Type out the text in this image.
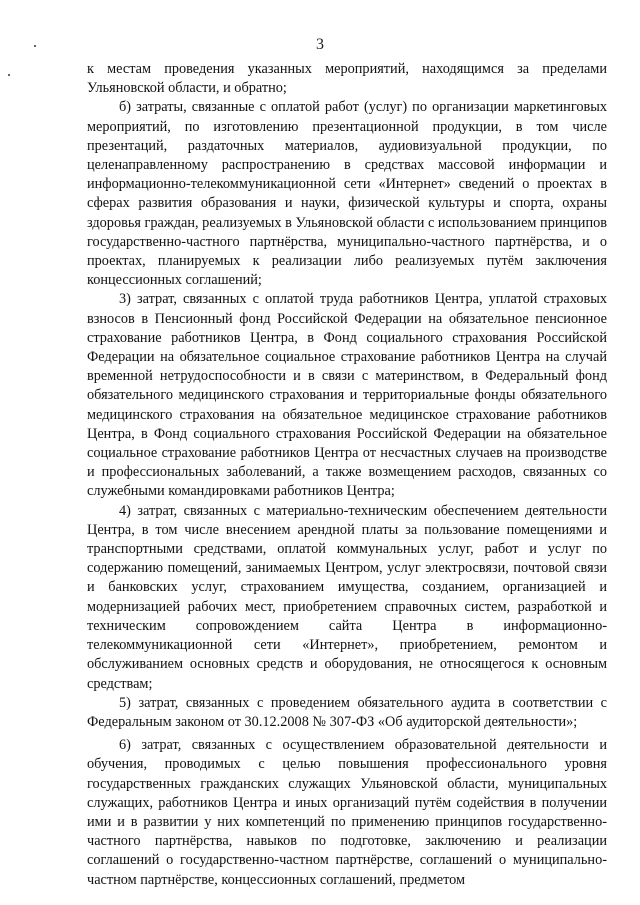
3

к местам проведения указанных мероприятий, находящимся за пределами Ульяновской области, и обратно;

б) затраты, связанные с оплатой работ (услуг) по организации маркетинговых мероприятий, по изготовлению презентационной продукции, в том числе презентаций, раздаточных материалов, аудиовизуальной продукции, по целенаправленному распространению в средствах массовой информации и информационно-телекоммуникационной сети «Интернет» сведений о проектах в сферах развития образования и науки, физической культуры и спорта, охраны здоровья граждан, реализуемых в Ульяновской области с использованием принципов государственно-частного партнёрства, муниципально-частного партнёрства, и о проектах, планируемых к реализации либо реализуемых путём заключения концессионных соглашений;

3) затрат, связанных с оплатой труда работников Центра, уплатой страховых взносов в Пенсионный фонд Российской Федерации на обязательное пенсионное страхование работников Центра, в Фонд социального страхования Российской Федерации на обязательное социальное страхование работников Центра на случай временной нетрудоспособности и в связи с материнством, в Федеральный фонд обязательного медицинского страхования и территориальные фонды обязательного медицинского страхования на обязательное медицинское страхование работников Центра, в Фонд социального страхования Российской Федерации на обязательное социальное страхование работников Центра от несчастных случаев на производстве и профессиональных заболеваний, а также возмещением расходов, связанных со служебными командировками работников Центра;

4) затрат, связанных с материально-техническим обеспечением деятельности Центра, в том числе внесением арендной платы за пользование помещениями и транспортными средствами, оплатой коммунальных услуг, работ и услуг по содержанию помещений, занимаемых Центром, услуг электросвязи, почтовой связи и банковских услуг, страхованием имущества, созданием, организацией и модернизацией рабочих мест, приобретением справочных систем, разработкой и техническим сопровождением сайта Центра в информационно-телекоммуникационной сети «Интернет», приобретением, ремонтом и обслуживанием основных средств и оборудования, не относящегося к основным средствам;

5) затрат, связанных с проведением обязательного аудита в соответствии с Федеральным законом от 30.12.2008 № 307-ФЗ «Об аудиторской деятельности»;

6) затрат, связанных с осуществлением образовательной деятельности и обучения, проводимых с целью повышения профессионального уровня государственных гражданских служащих Ульяновской области, муниципальных служащих, работников Центра и иных организаций путём содействия в получении ими и в развитии у них компетенций по применению принципов государственно-частного партнёрства, навыков по подготовке, заключению и реализации соглашений о государственно-частном партнёрстве, соглашений о муниципально-частном партнёрстве, концессионных соглашений, предметом
